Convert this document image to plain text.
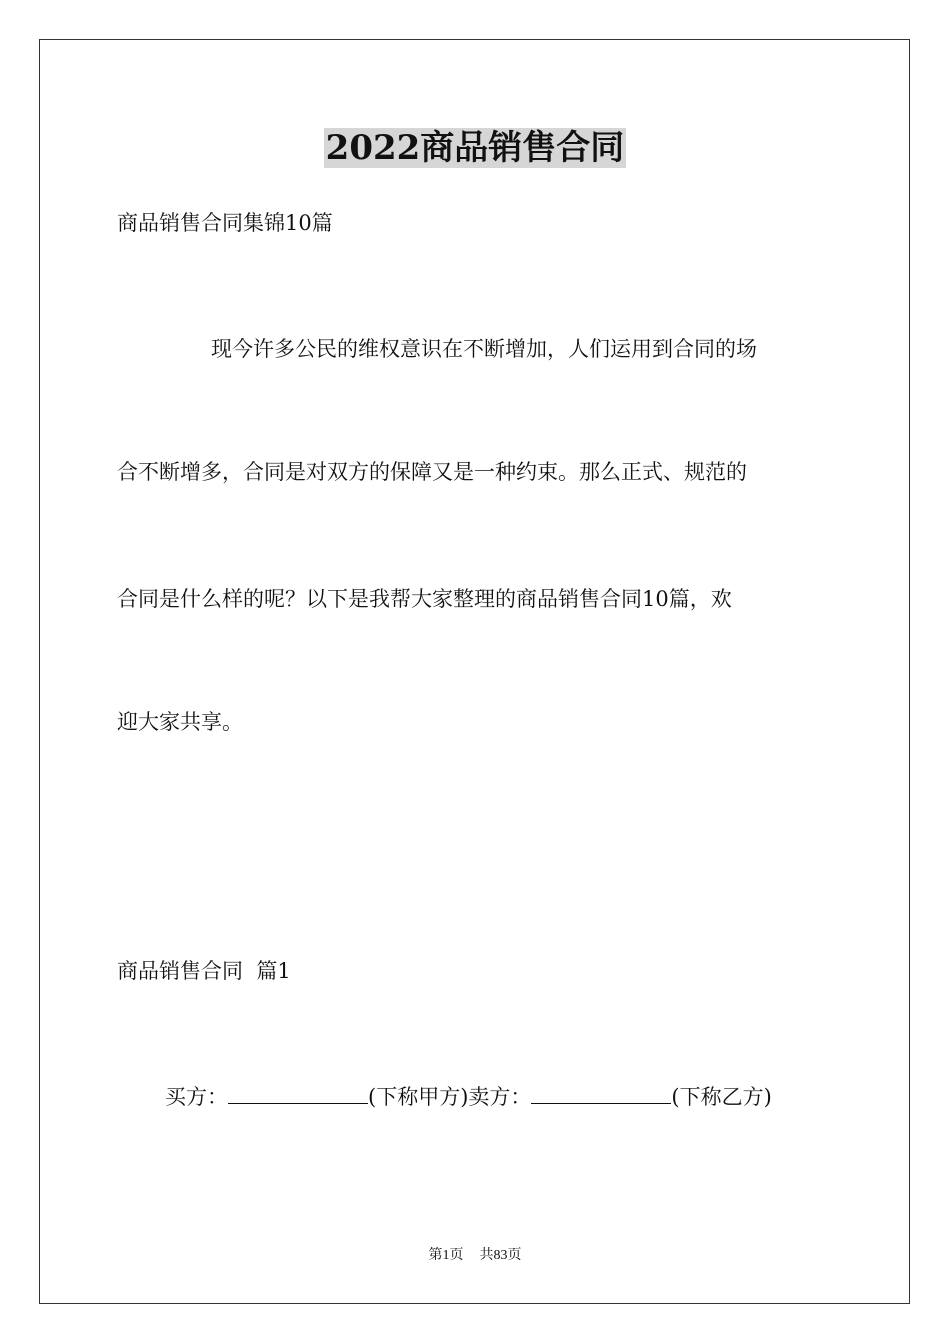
2022商品销售合同
商品销售合同集锦10篇
现今许多公民的维权意识在不断增加，人们运用到合同的场
合不断增多，合同是对双方的保障又是一种约束。那么正式、规范的
合同是什么样的呢？以下是我帮大家整理的商品销售合同10篇，欢
迎大家共享。
商品销售合同  篇1
买方：	(下称甲方)卖方：	(下称乙方)
第1页 共83页
